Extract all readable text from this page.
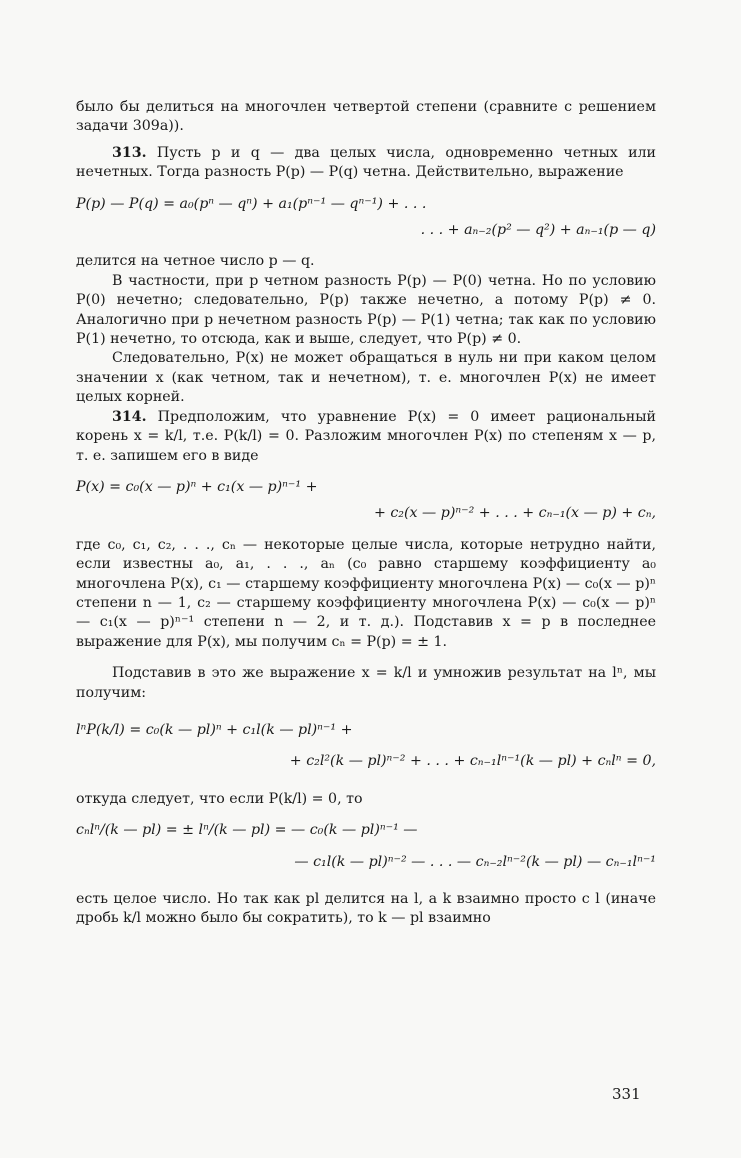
было бы делиться на многочлен четвертой степени (сравните с решением задачи 309а)).

313. Пусть p и q — два целых числа, одновременно четных или нечетных. Тогда разность P(p) — P(q) четна. Действительно, выражение

P(p) — P(q) = a₀(pⁿ — qⁿ) + a₁(pⁿ⁻¹ — qⁿ⁻¹) + . . .

. . . + aₙ₋₂(p² — q²) + aₙ₋₁(p — q)

делится на четное число p — q.

В частности, при p четном разность P(p) — P(0) четна. Но по условию P(0) нечетно; следовательно, P(p) также нечетно, а потому P(p) ≠ 0. Аналогично при p нечетном разность P(p) — P(1) четна; так как по условию P(1) нечетно, то отсюда, как и выше, следует, что P(p) ≠ 0.

Следовательно, P(x) не может обращаться в нуль ни при каком целом значении x (как четном, так и нечетном), т. е. многочлен P(x) не имеет целых корней.

314. Предположим, что уравнение P(x) = 0 имеет рациональный корень x = k/l, т.е. P(k/l) = 0. Разложим многочлен P(x) по степеням x — p, т. е. запишем его в виде

P(x) = c₀(x — p)ⁿ + c₁(x — p)ⁿ⁻¹ +

+ c₂(x — p)ⁿ⁻² + . . . + cₙ₋₁(x — p) + cₙ,

где c₀, c₁, c₂, . . ., cₙ — некоторые целые числа, которые нетрудно найти, если известны a₀, a₁, . . ., aₙ (c₀ равно старшему коэффициенту a₀ многочлена P(x), c₁ — старшему коэффициенту многочлена P(x) — c₀(x — p)ⁿ степени n — 1, c₂ — старшему коэффициенту многочлена P(x) — c₀(x — p)ⁿ — c₁(x — p)ⁿ⁻¹ степени n — 2, и т. д.). Подставив x = p в последнее выражение для P(x), мы получим cₙ = P(p) = ± 1.

Подставив в это же выражение x = k/l и умножив результат на lⁿ, мы получим:

lⁿP(k/l) = c₀(k — pl)ⁿ + c₁l(k — pl)ⁿ⁻¹ +

+ c₂l²(k — pl)ⁿ⁻² + . . . + cₙ₋₁lⁿ⁻¹(k — pl) + cₙlⁿ = 0,

откуда следует, что если P(k/l) = 0, то

cₙlⁿ/(k — pl) = ± lⁿ/(k — pl) = — c₀(k — pl)ⁿ⁻¹ —

— c₁l(k — pl)ⁿ⁻² — . . . — cₙ₋₂lⁿ⁻²(k — pl) — cₙ₋₁lⁿ⁻¹

есть целое число. Но так как pl делится на l, а k взаимно просто с l (иначе дробь k/l можно было бы сократить), то k — pl взаимно

331
